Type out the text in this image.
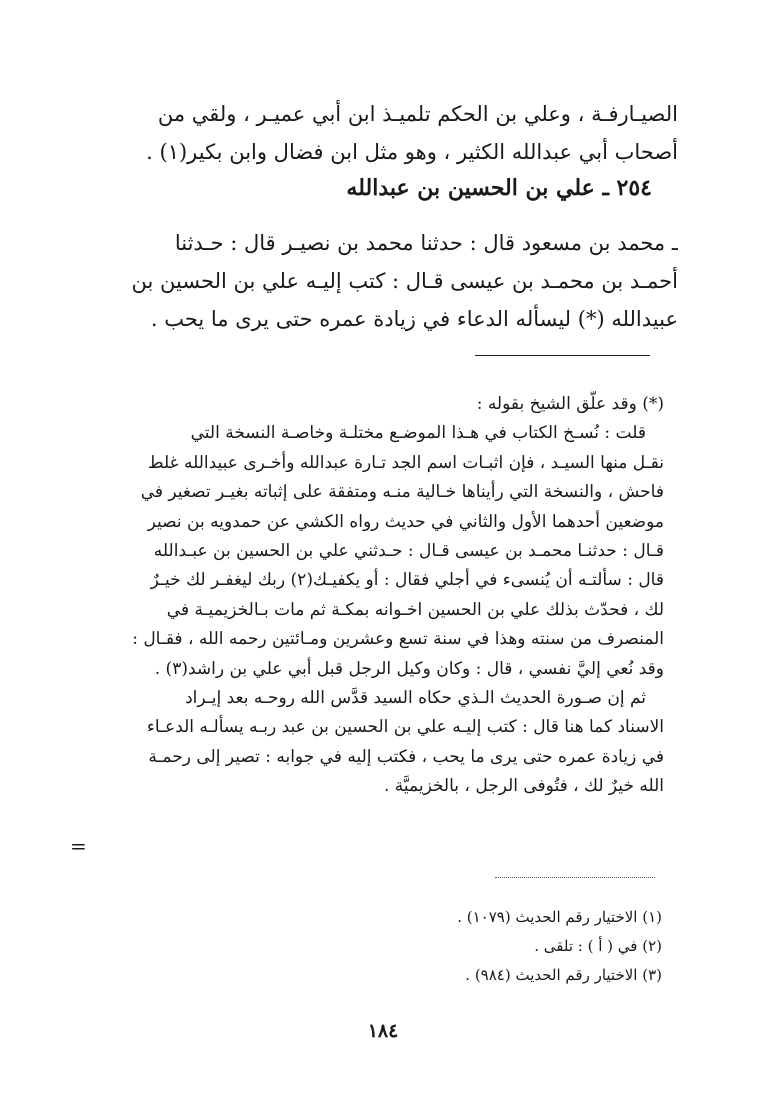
الصيـارفـة ، وعلي بن الحكم تلميـذ ابن أبي عميـر ، ولقي من
أصحاب أبي عبدالله الكثير ، وهو مثل ابن فضال وابن بكير(١) .
٢٥٤ ـ علي بن الحسين بن عبدالله
ـ محمد بن مسعود قال : حدثنا محمد بن نصيـر قال : حـدثنا
أحمـد بن محمـد بن عيسى قـال : كتب إليـه علي بن الحسين بن
عبيدالله (*) ليسأله الدعاء في زيادة عمره حتى يرى ما يحب .
(*) وقد علّق الشيخ بقوله :
قلت : نُسـخ الكتاب في هـذا الموضـع مختلـة وخاصـة النسخة التي
نقـل منها السيـد ، فإن اثبـات اسم الجد تـارة عبدالله وأخـرى عبيدالله غلط
فاحش ، والنسخة التي رأيناها خـالية منـه ومتفقة على إثباته بغيـر تصغير في
موضعين أحدهما الأول والثاني في حديث رواه الكشي عن حمدويه بن نصير
قـال : حدثنـا محمـد بن عيسى قـال : حـدثني علي بن الحسين بن عبـدالله
قال : سألتـه أن يُنسىء في أجلي فقال : أو يكفيـك(٢) ربك ليغفـر لك خيـرٌ
لك ، فحدّث بذلك علي بن الحسين اخـوانه بمكـة ثم مات بـالخزيميـة في
المنصرف من سنته وهذا في سنة تسع وعشرين ومـائتين رحمه الله ، فقـال :
وقد نُعي إليَّ نفسي ، قال : وكان وكيل الرجل قبل أبي علي بن راشد(٣) .
ثم إن صـورة الحديث الـذي حكاه السيد قدَّس الله روحـه بعد إيـراد
الاسناد كما هنا قال : كتب إليـه علي بن الحسين بن عبد ربـه يسألـه الدعـاء
في زيادة عمره حتى يرى ما يحب ، فكتب إليه في جوابه : تصير إلى رحمـة
الله خيرٌ لك ، فتُوفى الرجل ، بالخزيميَّة .
=
(١) الاختيار رقم الحديث (١٠٧٩) .
(٢) في ( أ ) : تلقى .
(٣) الاختيار رقم الحديث (٩٨٤) .
١٨٤
